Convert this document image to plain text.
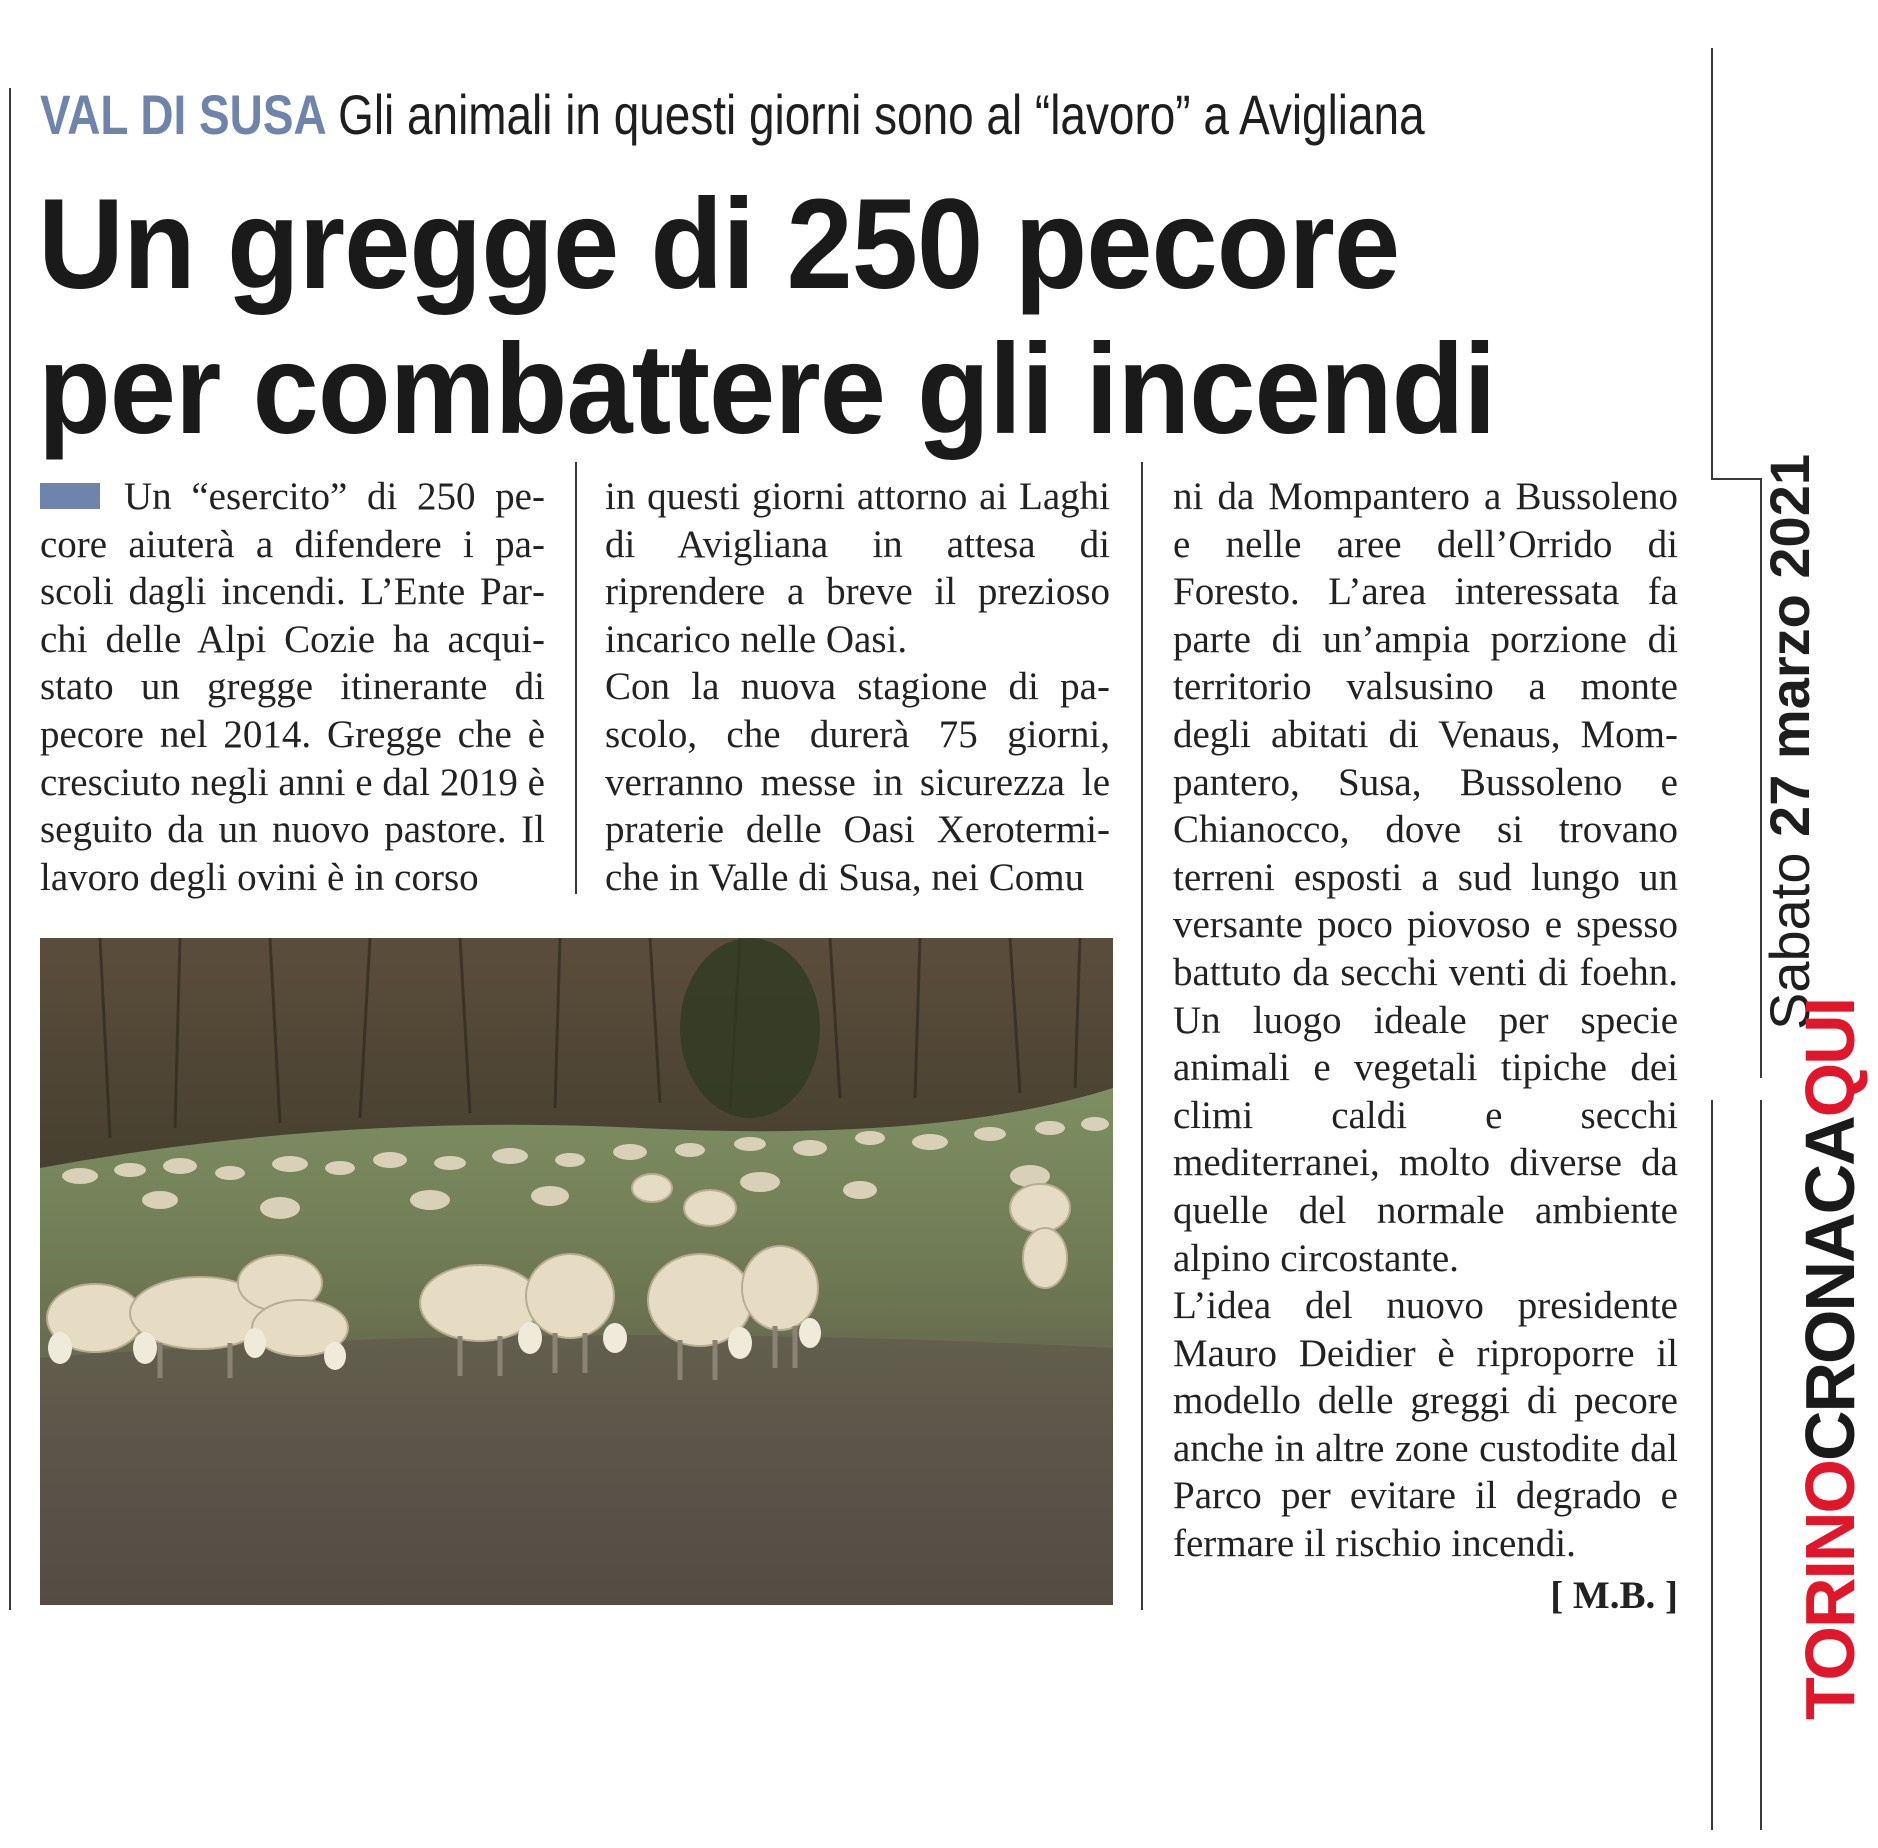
VAL DI SUSA Gli animali in questi giorni sono al “lavoro” a Avigliana
Un gregge di 250 pecore
per combattere gli incendi

Un “esercito” di 250 pecore aiuterà a difendere i pascoli dagli incendi. L’Ente Parchi delle Alpi Cozie ha acquistato un gregge itinerante di pecore nel 2014. Gregge che è cresciuto negli anni e dal 2019 è seguito da un nuovo pastore. Il lavoro degli ovini è in corso

in questi giorni attorno ai Laghi di Avigliana in attesa di riprendere a breve il prezioso incarico nelle Oasi.

Con la nuova stagione di pascolo, che durerà 75 giorni, verranno messe in sicurezza le praterie delle Oasi Xerotermiche in Valle di Susa, nei Comu

ni da Mompantero a Bussoleno e nelle aree dell’Orrido di Foresto. L’area interessata fa parte di un’ampia porzione di territorio valsusino a monte degli abitati di Venaus, Mompantero, Susa, Bussoleno e Chianocco, dove si trovano terreni esposti a sud lungo un versante poco piovoso e spesso battuto da secchi venti di foehn. Un luogo ideale per specie animali e vegetali tipiche dei climi caldi e secchi mediterranei, molto diverse da quelle del normale ambiente alpino circostante.

L’idea del nuovo presidente Mauro Deidier è riproporre il modello delle greggi di pecore anche in altre zone custodite dal Parco per evitare il degrado e fermare il rischio incendi.

[ M.B. ]

Sabato 27 marzo 2021
TORINOCRONACAQUI
